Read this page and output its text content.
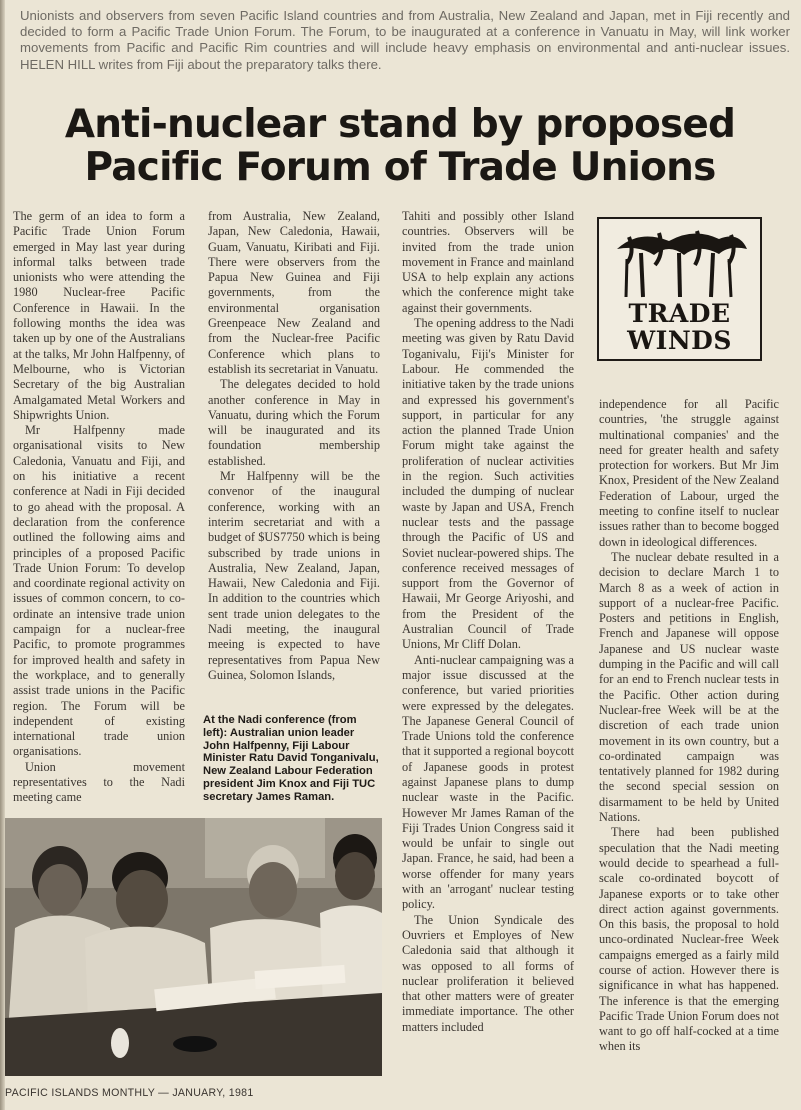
Unionists and observers from seven Pacific Island countries and from Australia, New Zealand and Japan, met in Fiji recently and decided to form a Pacific Trade Union Forum. The Forum, to be inaugurated at a conference in Vanuatu in May, will link worker movements from Pacific and Pacific Rim countries and will include heavy emphasis on environmental and anti-nuclear issues. HELEN HILL writes from Fiji about the preparatory talks there.
Anti-nuclear stand by proposed
Pacific Forum of Trade Unions

The germ of an idea to form a Pacific Trade Union Forum emerged in May last year during informal talks between trade unionists who were attending the 1980 Nuclear-free Pacific Conference in Hawaii. In the following months the idea was taken up by one of the Australians at the talks, Mr John Halfpenny, of Melbourne, who is Victorian Secretary of the big Australian Amalgamated Metal Workers and Shipwrights Union.

Mr Halfpenny made organisational visits to New Caledonia, Vanuatu and Fiji, and on his initiative a recent conference at Nadi in Fiji decided to go ahead with the proposal. A declaration from the conference outlined the following aims and principles of a proposed Pacific Trade Union Forum: To develop and coordinate regional activity on issues of common concern, to co-ordinate an intensive trade union campaign for a nuclear-free Pacific, to promote programmes for improved health and safety in the workplace, and to generally assist trade unions in the Pacific region. The Forum will be independent of existing international trade union organisations.

Union movement representatives to the Nadi meeting came

from Australia, New Zealand, Japan, New Caledonia, Hawaii, Guam, Vanuatu, Kiribati and Fiji. There were observers from the Papua New Guinea and Fiji governments, from the environmental organisation Greenpeace New Zealand and from the Nuclear-free Pacific Conference which plans to establish its secretariat in Vanuatu.

The delegates decided to hold another conference in May in Vanuatu, during which the Forum will be inaugurated and its foundation membership established.

Mr Halfpenny will be the convenor of the inaugural conference, working with an interim secretariat and with a budget of $US7750 which is being subscribed by trade unions in Australia, New Zealand, Japan, Hawaii, New Caledonia and Fiji. In addition to the countries which sent trade union delegates to the Nadi meeting, the inaugural meeing is expected to have representatives from Papua New Guinea, Solomon Islands,

At the Nadi conference (from left): Australian union leader John Halfpenny, Fiji Labour Minister Ratu David Tonganivalu, New Zealand Labour Federation president Jim Knox and Fiji TUC secretary James Raman.

Tahiti and possibly other Island countries. Observers will be invited from the trade union movement in France and mainland USA to help explain any actions which the conference might take against their governments.

The opening address to the Nadi meeting was given by Ratu David Toganivalu, Fiji's Minister for Labour. He commended the initiative taken by the trade unions and expressed his government's support, in particular for any action the planned Trade Union Forum might take against the proliferation of nuclear activities in the region. Such activities included the dumping of nuclear waste by Japan and USA, French nuclear tests and the passage through the Pacific of US and Soviet nuclear-powered ships. The conference received messages of support from the Governor of Hawaii, Mr George Ariyoshi, and from the President of the Australian Council of Trade Unions, Mr Cliff Dolan.

Anti-nuclear campaigning was a major issue discussed at the conference, but varied priorities were expressed by the delegates. The Japanese General Council of Trade Unions told the conference that it supported a regional boycott of Japanese goods in protest against Japanese plans to dump nuclear waste in the Pacific. However Mr James Raman of the Fiji Trades Union Congress said it would be unfair to single out Japan. France, he said, had been a worse offender for many years with an 'arrogant' nuclear testing policy.

The Union Syndicale des Ouvriers et Employes of New Caledonia said that although it was opposed to all forms of nuclear proliferation it believed that other matters were of greater immediate importance. The other matters included

TRADE
WINDS

independence for all Pacific countries, 'the struggle against multinational companies' and the need for greater health and safety protection for workers. But Mr Jim Knox, President of the New Zealand Federation of Labour, urged the meeting to confine itself to nuclear issues rather than to become bogged down in ideological differences.

The nuclear debate resulted in a decision to declare March 1 to March 8 as a week of action in support of a nuclear-free Pacific. Posters and petitions in English, French and Japanese will oppose Japanese and US nuclear waste dumping in the Pacific and will call for an end to French nuclear tests in the Pacific. Other action during Nuclear-free Week will be at the discretion of each trade union movement in its own country, but a co-ordinated campaign was tentatively planned for 1982 during the second special session on disarmament to be held by United Nations.

There had been published speculation that the Nadi meeting would decide to spearhead a full-scale co-ordinated boycott of Japanese exports or to take other direct action against governments. On this basis, the proposal to hold unco-ordinated Nuclear-free Week campaigns emerged as a fairly mild course of action. However there is significance in what has happened. The inference is that the emerging Pacific Trade Union Forum does not want to go off half-cocked at a time when its

PACIFIC ISLANDS MONTHLY — JANUARY, 1981
